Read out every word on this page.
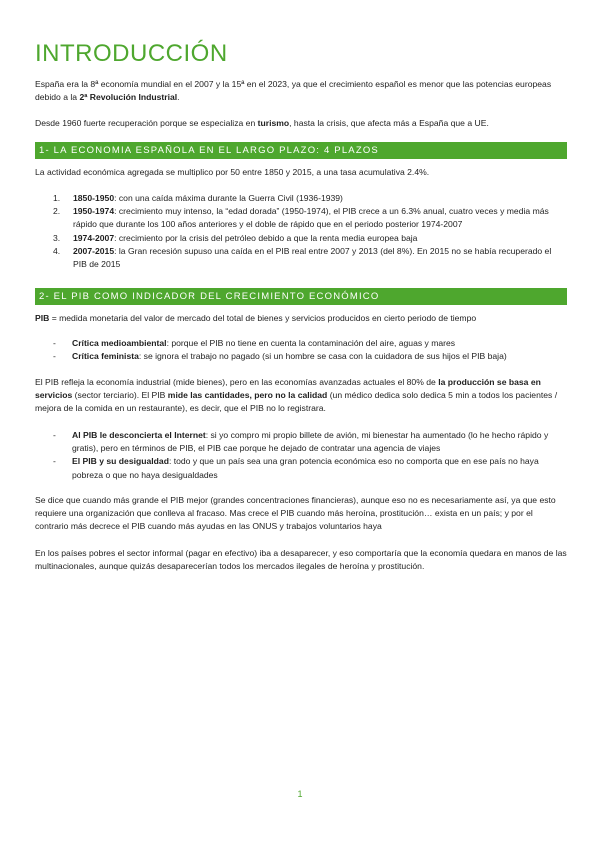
INTRODUCCIÓN

España era la 8ª economía mundial en el 2007 y la 15ª en el 2023, ya que el crecimiento español es menor que las potencias europeas debido a la 2ª Revolución Industrial.

Desde 1960 fuerte recuperación porque se especializa en turismo, hasta la crisis, que afecta más a España que a UE.

1- LA ECONOMIA ESPAÑOLA EN EL LARGO PLAZO: 4 PLAZOS

La actividad económica agregada se multiplico por 50 entre 1850 y 2015, a una tasa acumulativa 2.4%.

1. 1850-1950: con una caída máxima durante la Guerra Civil (1936-1939)
2. 1950-1974: crecimiento muy intenso, la “edad dorada” (1950-1974), el PIB crece a un 6.3% anual, cuatro veces y media más rápido que durante los 100 años anteriores y el doble de rápido que en el periodo posterior 1974-2007
3. 1974-2007: crecimiento por la crisis del petróleo debido a que la renta media europea baja
4. 2007-2015: la Gran recesión supuso una caída en el PIB real entre 2007 y 2013 (del 8%). En 2015 no se había recuperado el PIB de 2015
2- EL PIB COMO INDICADOR DEL CRECIMIENTO ECONÓMICO

PIB = medida monetaria del valor de mercado del total de bienes y servicios producidos en cierto periodo de tiempo

- Crítica medioambiental: porque el PIB no tiene en cuenta la contaminación del aire, aguas y mares
- Crítica feminista: se ignora el trabajo no pagado (si un hombre se casa con la cuidadora de sus hijos el PIB baja)

El PIB refleja la economía industrial (mide bienes), pero en las economías avanzadas actuales el 80% de la producción se basa en servicios (sector terciario). El PIB mide las cantidades, pero no la calidad (un médico dedica solo dedica 5 min a todos los pacientes / mejora de la comida en un restaurante), es decir, que el PIB no lo registrara.

- Al PIB le desconcierta el Internet: si yo compro mi propio billete de avión, mi bienestar ha aumentado (lo he hecho rápido y gratis), pero en términos de PIB, el PIB cae porque he dejado de contratar una agencia de viajes
- El PIB y su desigualdad: todo y que un país sea una gran potencia económica eso no comporta que en ese país no haya pobreza o que no haya desigualdades

Se dice que cuando más grande el PIB mejor (grandes concentraciones financieras), aunque eso no es necesariamente así, ya que esto requiere una organización que conlleva al fracaso. Mas crece el PIB cuando más heroína, prostitución… exista en un país; y por el contrario más decrece el PIB cuando más ayudas en las ONUS y trabajos voluntarios haya

En los países pobres el sector informal (pagar en efectivo) iba a desaparecer, y eso comportaría que la economía quedara en manos de las multinacionales, aunque quizás desaparecerían todos los mercados ilegales de heroína y prostitución.

1
